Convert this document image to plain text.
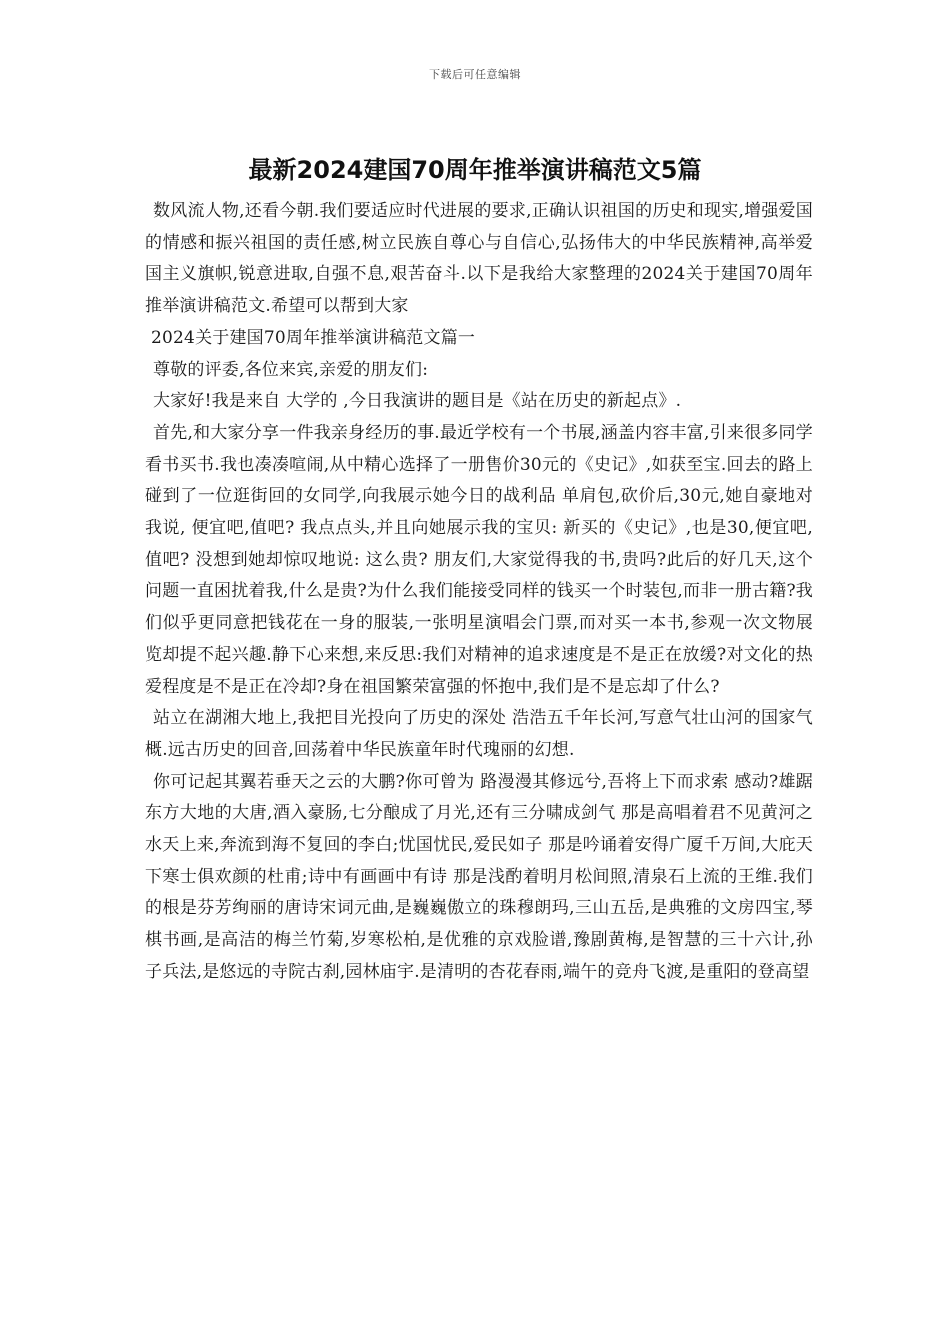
下载后可任意编辑
最新2024建国70周年推举演讲稿范文5篇

数风流人物,还看今朝.我们要适应时代进展的要求,正确认识祖国的历史和现实,增强爱国的情感和振兴祖国的责任感,树立民族自尊心与自信心,弘扬伟大的中华民族精神,高举爱国主义旗帜,锐意进取,自强不息,艰苦奋斗.以下是我给大家整理的2024关于建国70周年推举演讲稿范文.希望可以帮到大家

2024关于建国70周年推举演讲稿范文篇一

尊敬的评委,各位来宾,亲爱的朋友们:

大家好!我是来自 大学的 ,今日我演讲的题目是《站在历史的新起点》.

首先,和大家分享一件我亲身经历的事.最近学校有一个书展,涵盖内容丰富,引来很多同学看书买书.我也凑凑喧闹,从中精心选择了一册售价30元的《史记》,如获至宝.回去的路上碰到了一位逛街回的女同学,向我展示她今日的战利品 单肩包,砍价后,30元,她自豪地对我说, 便宜吧,值吧? 我点点头,并且向她展示我的宝贝: 新买的《史记》,也是30,便宜吧,值吧? 没想到她却惊叹地说: 这么贵? 朋友们,大家觉得我的书,贵吗?此后的好几天,这个问题一直困扰着我,什么是贵?为什么我们能接受同样的钱买一个时装包,而非一册古籍?我们似乎更同意把钱花在一身的服装,一张明星演唱会门票,而对买一本书,参观一次文物展览却提不起兴趣.静下心来想,来反思:我们对精神的追求速度是不是正在放缓?对文化的热爱程度是不是正在冷却?身在祖国繁荣富强的怀抱中,我们是不是忘却了什么?

站立在湖湘大地上,我把目光投向了历史的深处 浩浩五千年长河,写意气壮山河的国家气概.远古历史的回音,回荡着中华民族童年时代瑰丽的幻想.

你可记起其翼若垂天之云的大鹏?你可曾为 路漫漫其修远兮,吾将上下而求索 感动?雄踞东方大地的大唐,酒入豪肠,七分酿成了月光,还有三分啸成剑气 那是高唱着君不见黄河之水天上来,奔流到海不复回的李白;忧国忧民,爱民如子 那是吟诵着安得广厦千万间,大庇天下寒士俱欢颜的杜甫;诗中有画画中有诗 那是浅酌着明月松间照,清泉石上流的王维.我们的根是芬芳绚丽的唐诗宋词元曲,是巍巍傲立的珠穆朗玛,三山五岳,是典雅的文房四宝,琴棋书画,是高洁的梅兰竹菊,岁寒松柏,是优雅的京戏脸谱,豫剧黄梅,是智慧的三十六计,孙子兵法,是悠远的寺院古刹,园林庙宇.是清明的杏花春雨,端午的竞舟飞渡,是重阳的登高望
